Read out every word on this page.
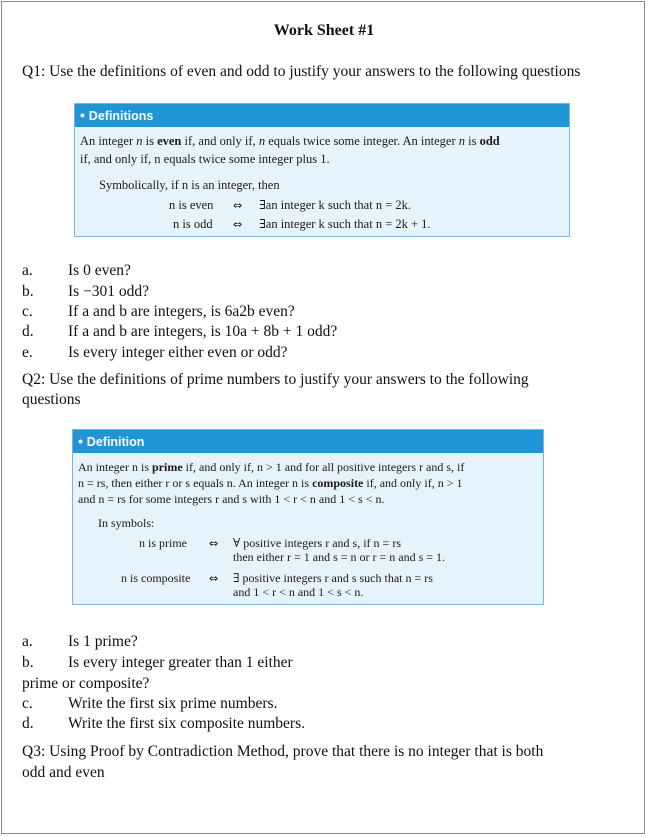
Work Sheet #1
Q1: Use the definitions of even and odd to justify your answers to the following questions
• Definitions
An integer n is even if, and only if, n equals twice some integer. An integer n is odd
if, and only if, n equals twice some integer plus 1.
Symbolically, if n is an integer, then
n is even ⇔ ∃an integer k such that n = 2k.
n is odd ⇔ ∃an integer k such that n = 2k + 1.
a. Is 0 even?
b. Is −301 odd?
c. If a and b are integers, is 6a2b even?
d. If a and b are integers, is 10a + 8b + 1 odd?
e. Is every integer either even or odd?
Q2: Use the definitions of prime numbers to justify your answers to the following
questions
• Definition
An integer n is prime if, and only if, n > 1 and for all positive integers r and s, if
n = rs, then either r or s equals n. An integer n is composite if, and only if, n > 1
and n = rs for some integers r and s with 1 < r < n and 1 < s < n.
In symbols:
n is prime ⇔ ∀ positive integers r and s, if n = rs
then either r = 1 and s = n or r = n and s = 1.
n is composite ⇔ ∃ positive integers r and s such that n = rs
and 1 < r < n and 1 < s < n.
a. Is 1 prime?
b. Is every integer greater than 1 either
prime or composite?
c. Write the first six prime numbers.
d. Write the first six composite numbers.
Q3: Using Proof by Contradiction Method, prove that there is no integer that is both
odd and even
